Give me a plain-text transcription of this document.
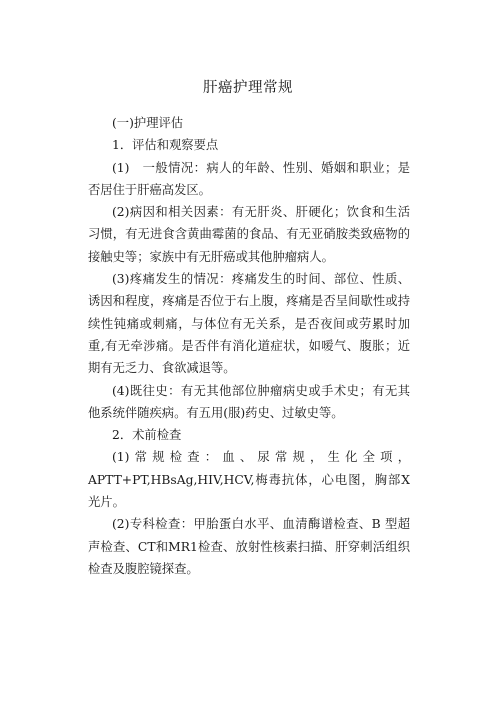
肝癌护理常规

(一)护理评估

1．评估和观察要点

(1)　一般情况：病人的年龄、性别、婚姻和职业；是否居住于肝癌高发区。

(2)病因和相关因素：有无肝炎、肝硬化；饮食和生活习惯，有无进食含黄曲霉菌的食品、有无亚硝胺类致癌物的接触史等；家族中有无肝癌或其他肿瘤病人。

(3)疼痛发生的情况：疼痛发生的时间、部位、性质、诱因和程度，疼痛是否位于右上腹，疼痛是否呈间歇性或持续性钝痛或刺痛，与体位有无关系，是否夜间或劳累时加重,有无牵涉痛。是否伴有消化道症状，如嗳气、腹胀；近期有无乏力、食欲减退等。

(4)既往史：有无其他部位肿瘤病史或手术史；有无其他系统伴随疾病。有五用(服)药史、过敏史等。

2．术前检查

(1)常规检查：血、尿常规，生化全项，APTT+PT,HBsAg,HIV,HCV,梅毒抗体，心电图，胸部X光片。

(2)专科检查：甲胎蛋白水平、血清酶谱检查、B 型超声检查、CT和MR1检查、放射性核素扫描、肝穿刺活组织检查及腹腔镜探查。
